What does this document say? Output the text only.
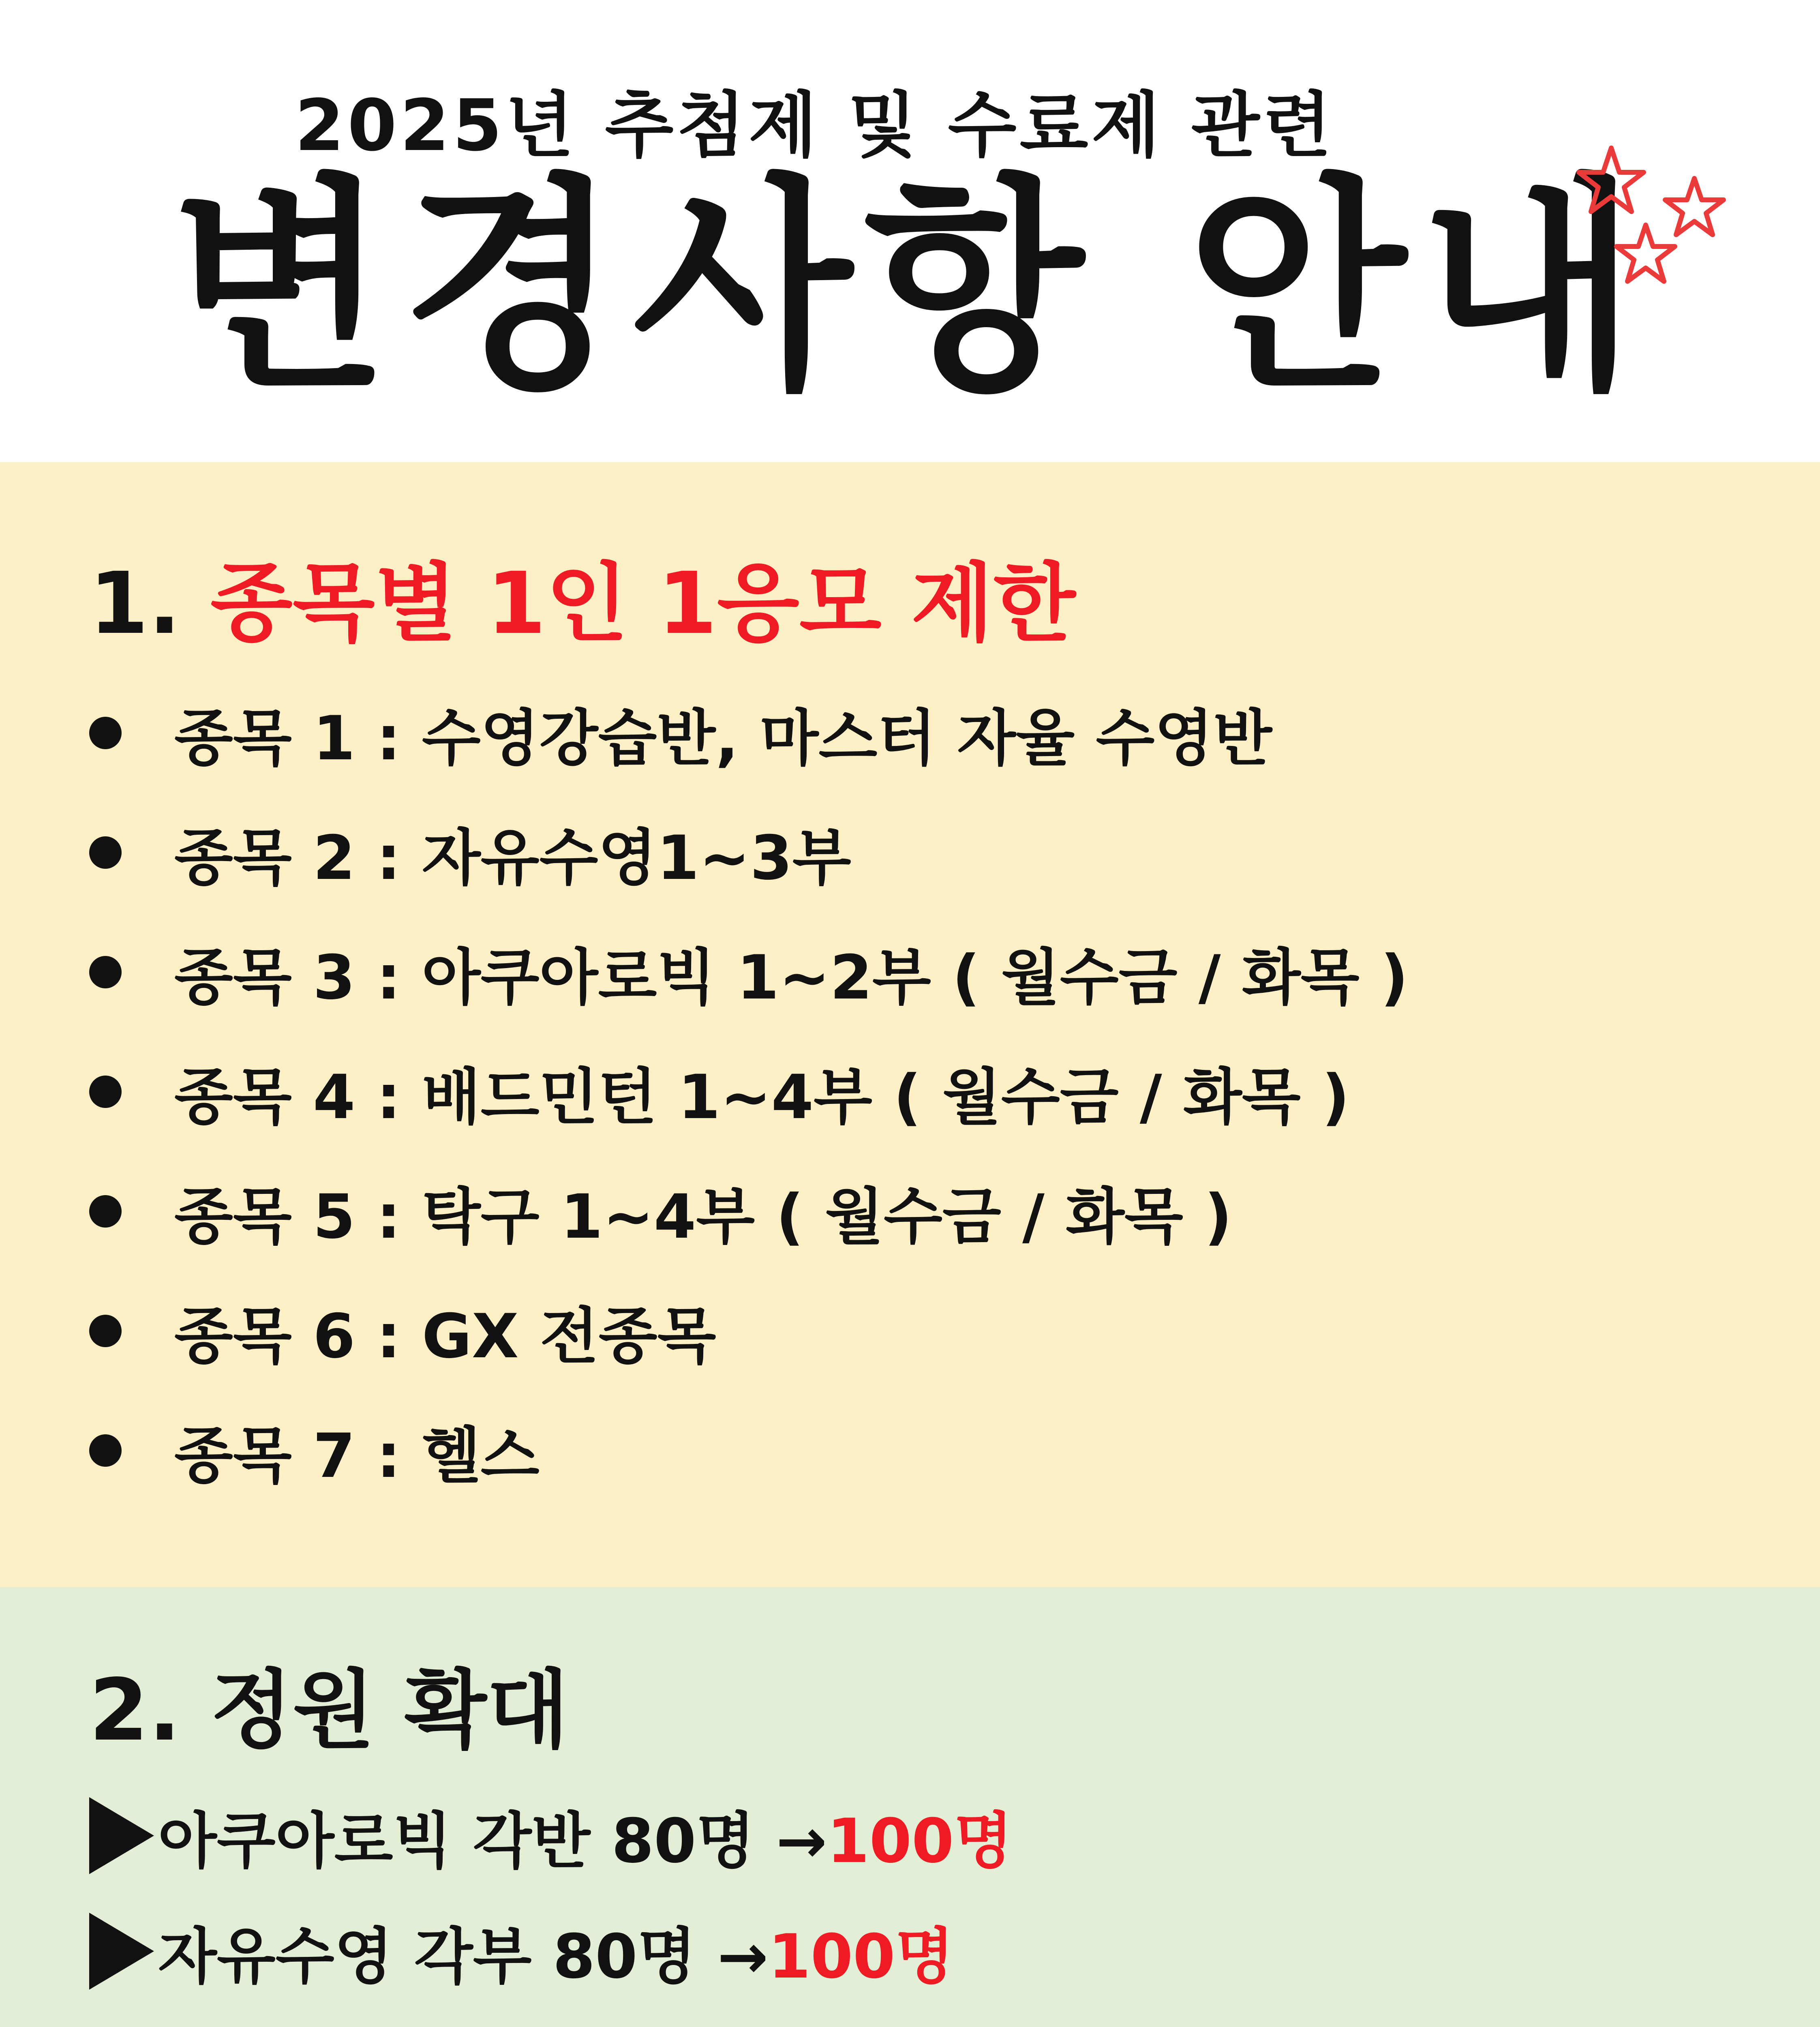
2025년 추첨제 및 수료제 관련
변경사항 안내
1. 종목별 1인 1응모 제한
종목 1 : 수영강습반, 마스터 자율 수영반
종목 2 : 자유수영1~3부
종목 3 : 아쿠아로빅 1~2부 ( 월수금 / 화목 )
종목 4 : 배드민턴 1~4부 ( 월수금 / 화목 )
종목 5 : 탁구 1~4부 ( 월수금 / 화목 )
종목 6 : GX 전종목
종목 7 : 헬스
2. 정원 확대
아쿠아로빅 각반 80명 → 100명
자유수영 각부 80명 → 100명
